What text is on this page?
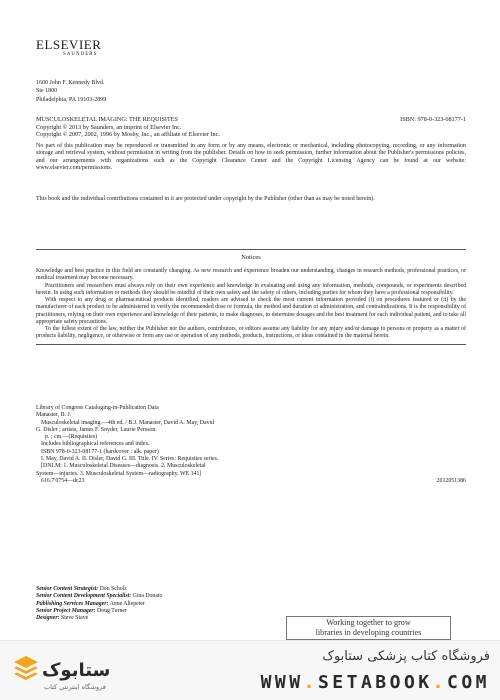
ELSEVIER
SAUNDERS
1600 John F. Kennedy Blvd.
Ste 1800
Philadelphia, PA 19103-2899
MUSCULOSKELETAL IMAGING: THE REQUISITES	ISBN: 978-0-323-08177-1
Copyright © 2013 by Saunders, an imprint of Elsevier Inc.
Copyright © 2007, 2002, 1996 by Mosby, Inc., an affiliate of Elsevier Inc.

No part of this publication may be reproduced or transmitted in any form or by any means, electronic or mechanical, including photocopying, recording, or any information storage and retrieval system, without permission in writing from the publisher. Details on how to seek permission, further information about the Publisher's permissions policies, and our arrangements with organizations such as the Copyright Clearance Center and the Copyright Licensing Agency can be found at our website: www.elsevier.com/permissions.

This book and the individual contributions contained in it are protected under copyright by the Publisher (other than as may be noted herein).

Notices

Knowledge and best practice in this field are constantly changing. As new research and experience broaden our understanding, changes in research methods, professional practices, or medical treatment may become necessary.

Practitioners and researchers must always rely on their own experience and knowledge in evaluating and using any information, methods, compounds, or experiments described herein. In using such information or methods they should be mindful of their own safety and the safety of others, including parties for whom they have a professional responsibility.

With respect to any drug or pharmaceutical products identified, readers are advised to check the most current information provided (i) on procedures featured or (ii) by the manufacturer of each product to be administered to verify the recommended dose or formula, the method and duration of administration, and contraindications. It is the responsibility of practitioners, relying on their own experience and knowledge of their patients, to make diagnoses, to determine dosages and the best treatment for each individual patient, and to take all appropriate safety precautions.

To the fullest extent of the law, neither the Publisher nor the authors, contributors, or editors assume any liability for any injury and/or damage to persons or property as a matter of products liability, negligence, or otherwise or from any use or operation of any methods, products, instructions, or ideas contained in the material herein.

Library of Congress Cataloging-in-Publication Data
Manaster, B. J.
Musculoskeletal imaging.—4th ed. / B.J. Manaster, David A. May, David
G. Disler ; artists, James F. Snyder, Laurie Persson.
p. ; cm.—(Requisites)
Includes bibliographical references and index.
ISBN 978-0-323-08177-1 (hardcover : alk. paper)
I. May, David A. II. Disler, David G. III. Title. IV. Series: Requisites series.
[DNLM: 1. Musculoskeletal Diseases—diagnosis. 2. Musculoskeletal
System—injuries. 3. Musculoskeletal System—radiography. WE 141]
616.7'0754—dc23	2012051386
Senior Content Strategist: Don Scholz
Senior Content Development Specialist: Gina Donato
Publishing Services Manager: Anne Altepeter
Senior Project Manager: Doug Turner
Designer: Steve Stave	Working together to grow
libraries in developing countries
ستابوک
فروشگاه اینترنتی کتاب
فروشگاه کتاب پزشکی ستابوک
WWW.SETABOOK.COM
